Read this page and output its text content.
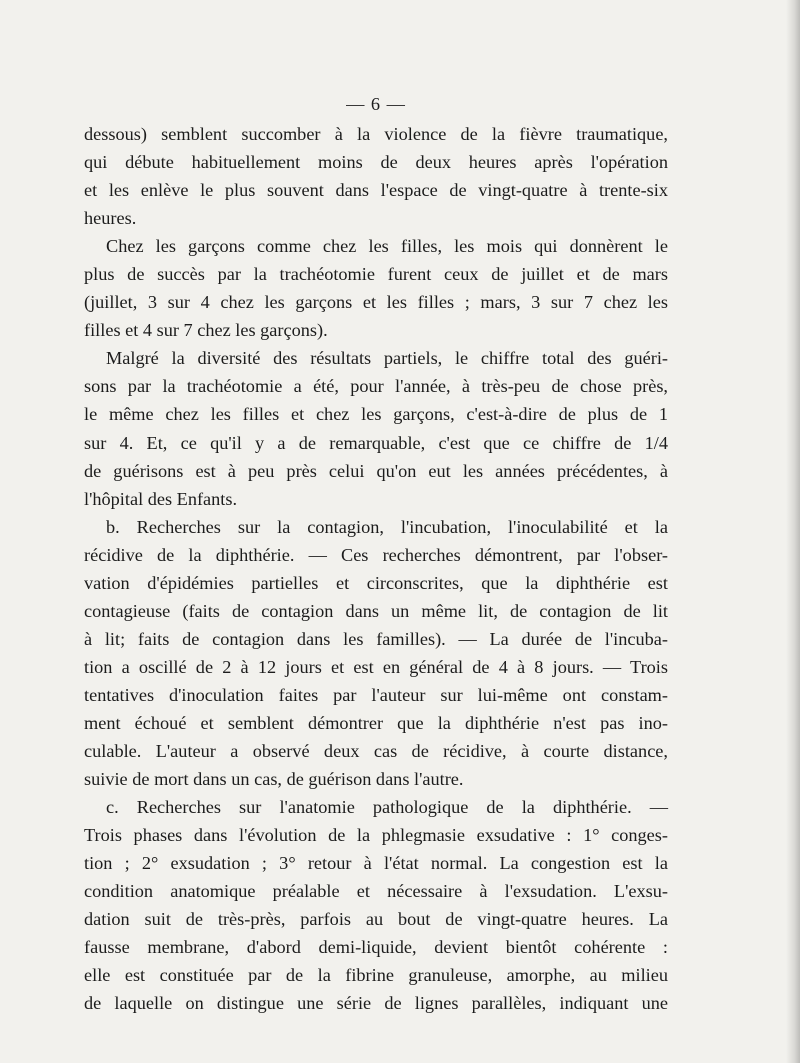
— 6 —
dessous) semblent succomber à la violence de la fièvre traumatique,
qui débute habituellement moins de deux heures après l'opération
et les enlève le plus souvent dans l'espace de vingt-quatre à trente-six
heures.
Chez les garçons comme chez les filles, les mois qui donnèrent le
plus de succès par la trachéotomie furent ceux de juillet et de mars
(juillet, 3 sur 4 chez les garçons et les filles ; mars, 3 sur 7 chez les
filles et 4 sur 7 chez les garçons).
Malgré la diversité des résultats partiels, le chiffre total des guéri-
sons par la trachéotomie a été, pour l'année, à très-peu de chose près,
le même chez les filles et chez les garçons, c'est-à-dire de plus de 1
sur 4. Et, ce qu'il y a de remarquable, c'est que ce chiffre de 1/4
de guérisons est à peu près celui qu'on eut les années précédentes, à
l'hôpital des Enfants.
b. Recherches sur la contagion, l'incubation, l'inoculabilité et la
récidive de la diphthérie. — Ces recherches démontrent, par l'obser-
vation d'épidémies partielles et circonscrites, que la diphthérie est
contagieuse (faits de contagion dans un même lit, de contagion de lit
à lit; faits de contagion dans les familles). — La durée de l'incuba-
tion a oscillé de 2 à 12 jours et est en général de 4 à 8 jours. — Trois
tentatives d'inoculation faites par l'auteur sur lui-même ont constam-
ment échoué et semblent démontrer que la diphthérie n'est pas ino-
culable. L'auteur a observé deux cas de récidive, à courte distance,
suivie de mort dans un cas, de guérison dans l'autre.
c. Recherches sur l'anatomie pathologique de la diphthérie. —
Trois phases dans l'évolution de la phlegmasie exsudative : 1° conges-
tion ; 2° exsudation ; 3° retour à l'état normal. La congestion est la
condition anatomique préalable et nécessaire à l'exsudation. L'exsu-
dation suit de très-près, parfois au bout de vingt-quatre heures. La
fausse membrane, d'abord demi-liquide, devient bientôt cohérente :
elle est constituée par de la fibrine granuleuse, amorphe, au milieu
de laquelle on distingue une série de lignes parallèles, indiquant une
